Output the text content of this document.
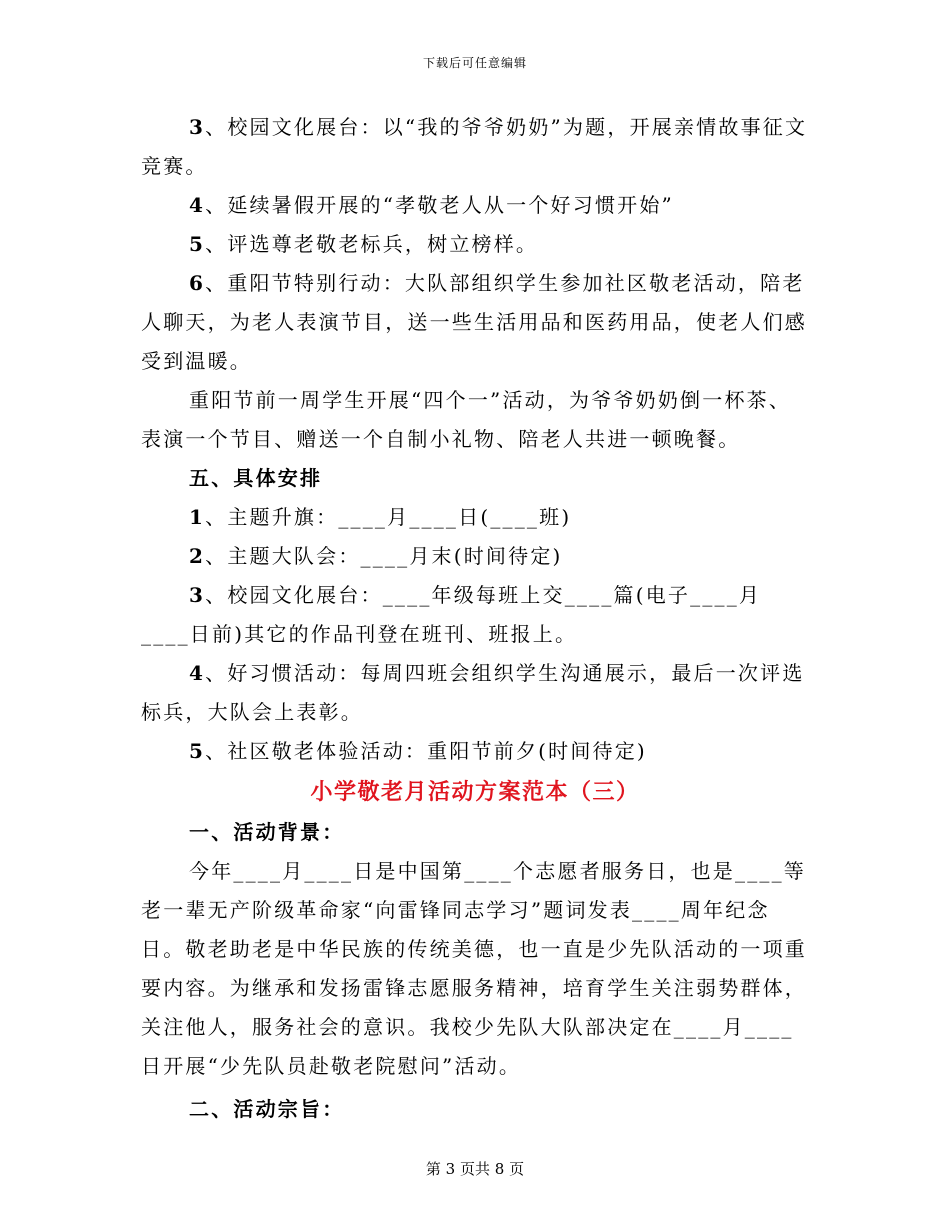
下载后可任意编辑

3、校园文化展台：以“我的爷爷奶奶”为题，开展亲情故事征文竞赛。

4、延续暑假开展的“孝敬老人从一个好习惯开始”

5、评选尊老敬老标兵，树立榜样。

6、重阳节特别行动：大队部组织学生参加社区敬老活动，陪老人聊天，为老人表演节目，送一些生活用品和医药用品，使老人们感受到温暖。

重阳节前一周学生开展“四个一”活动，为爷爷奶奶倒一杯茶、表演一个节目、赠送一个自制小礼物、陪老人共进一顿晚餐。

五、具体安排

1、主题升旗：____月____日(____班)

2、主题大队会：____月末(时间待定)

3、校园文化展台：____年级每班上交____篇(电子____月____日前)其它的作品刊登在班刊、班报上。

4、好习惯活动：每周四班会组织学生沟通展示，最后一次评选标兵，大队会上表彰。

5、社区敬老体验活动：重阳节前夕(时间待定)

小学敬老月活动方案范本（三）

一、活动背景：

今年____月____日是中国第____个志愿者服务日，也是____等老一辈无产阶级革命家“向雷锋同志学习”题词发表____周年纪念日。敬老助老是中华民族的传统美德，也一直是少先队活动的一项重要内容。为继承和发扬雷锋志愿服务精神，培育学生关注弱势群体，关注他人，服务社会的意识。我校少先队大队部决定在____月____日开展“少先队员赴敬老院慰问”活动。

二、活动宗旨：

第 3 页共 8 页
